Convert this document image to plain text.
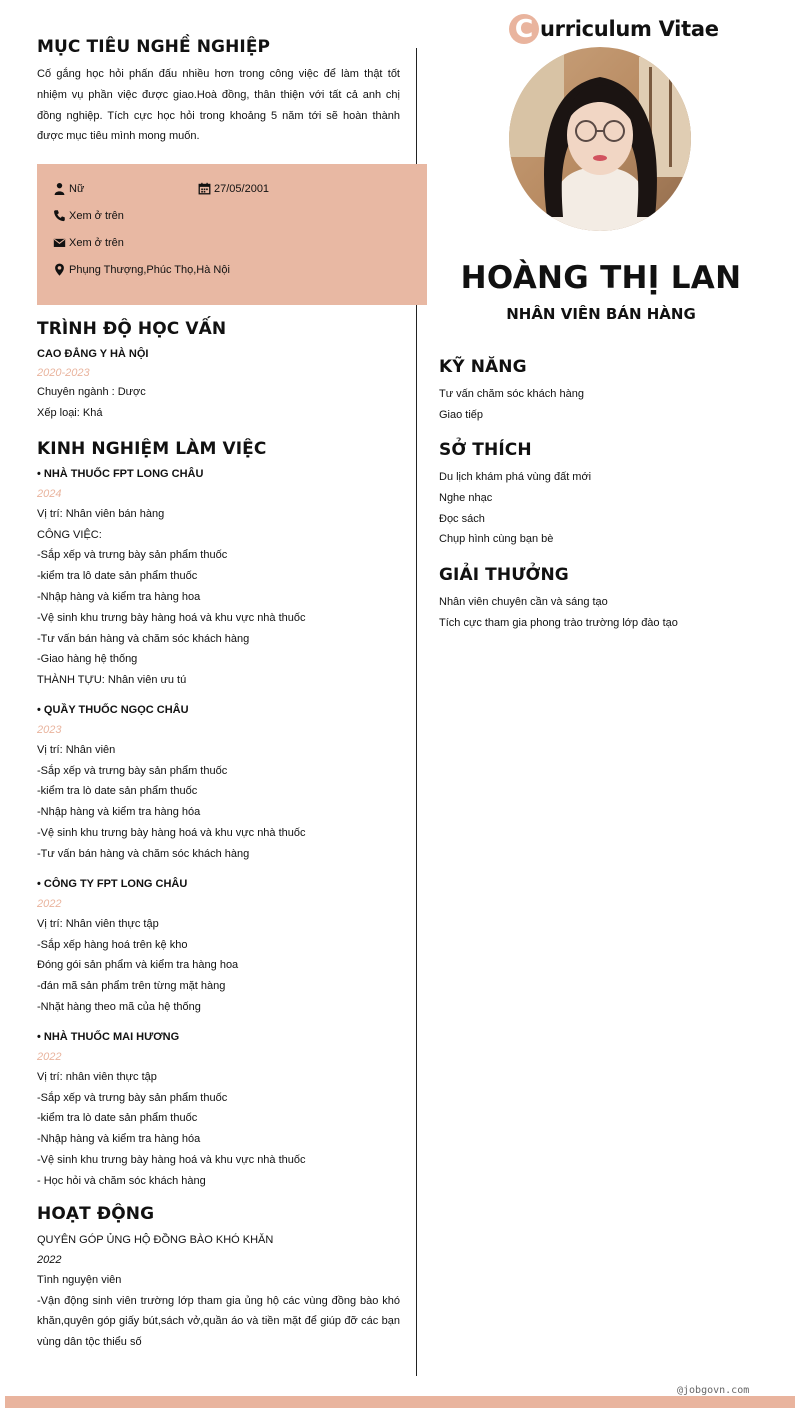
MỤC TIÊU NGHỀ NGHIỆP
Cố gắng học hỏi phấn đấu nhiều hơn trong công việc để làm thật tốt nhiệm vụ phần việc được giao.Hoà đồng, thân thiện với tất cả anh chị đồng nghiệp. Tích cực học hỏi trong khoảng 5 năm tới sẽ hoàn thành được mục tiêu mình mong muốn.
Nữ	27/05/2001
Xem ở trên
Xem ở trên
Phụng Thượng,Phúc Thọ,Hà Nội
TRÌNH ĐỘ HỌC VẤN
CAO ĐẲNG Y HÀ NỘI
2020-2023
Chuyên ngành : Dược
Xếp loại: Khá
KINH NGHIỆM LÀM VIỆC
• NHÀ THUỐC FPT LONG CHÂU
2024
Vị trí: Nhân viên bán hàng
CÔNG VIỆC:
-Sắp xếp và trưng bày sản phẩm thuốc
-kiểm tra lô date sản phẩm thuốc
-Nhập hàng và kiểm tra hàng hoa
-Vệ sinh khu trưng bày hàng hoá và khu vực nhà thuốc
-Tư vấn bán hàng và chăm sóc khách hàng
-Giao hàng hệ thống
THÀNH TỰU: Nhân viên ưu tú
• QUẦY THUỐC NGỌC CHÂU
2023
Vị trí: Nhân viên
-Sắp xếp và trưng bày sản phẩm thuốc
-kiểm tra lò date sản phẩm thuốc
-Nhập hàng và kiểm tra hàng hóa
-Vệ sinh khu trưng bày hàng hoá và khu vực nhà thuốc
-Tư vấn bán hàng và chăm sóc khách hàng
• CÔNG TY FPT LONG CHÂU
2022
Vị trí: Nhân viên thực tập
-Sắp xếp hàng hoá trên kệ kho
Đóng gói sản phẩm và kiểm tra hàng hoa
-đán mã sản phẩm trên từng mặt hàng
-Nhặt hàng theo mã của hệ thống
• NHÀ THUỐC MAI HƯƠNG
2022
Vị trí: nhân viên thực tập
-Sắp xếp và trưng bày sản phẩm thuốc
-kiểm tra lò date sản phẩm thuốc
-Nhập hàng và kiểm tra hàng hóa
-Vệ sinh khu trưng bày hàng hoá và khu vực nhà thuốc
- Học hỏi và chăm sóc khách hàng
HOẠT ĐỘNG
QUYÊN GÓP ỦNG HỘ ĐỒNG BÀO KHÓ KHĂN
2022
Tình nguyện viên
-Vận động sinh viên trường lớp tham gia ủng hộ các vùng đồng bào khó khăn,quyên góp giấy bút,sách vở,quần áo và tiền mặt để giúp đỡ các bạn vùng dân tộc thiểu số
C urriculum Vitae
HOÀNG THỊ LAN
NHÂN VIÊN BÁN HÀNG
KỸ NĂNG
Tư vấn chăm sóc khách hàng
Giao tiếp
SỞ THÍCH
Du lịch khám phá vùng đất mới
Nghe nhạc
Đọc sách
Chụp hình cùng bạn bè
GIẢI THƯỞNG
Nhân viên chuyên cần và sáng tạo
Tích cực tham gia phong trào trường lớp đào tạo
@jobgovn.com
